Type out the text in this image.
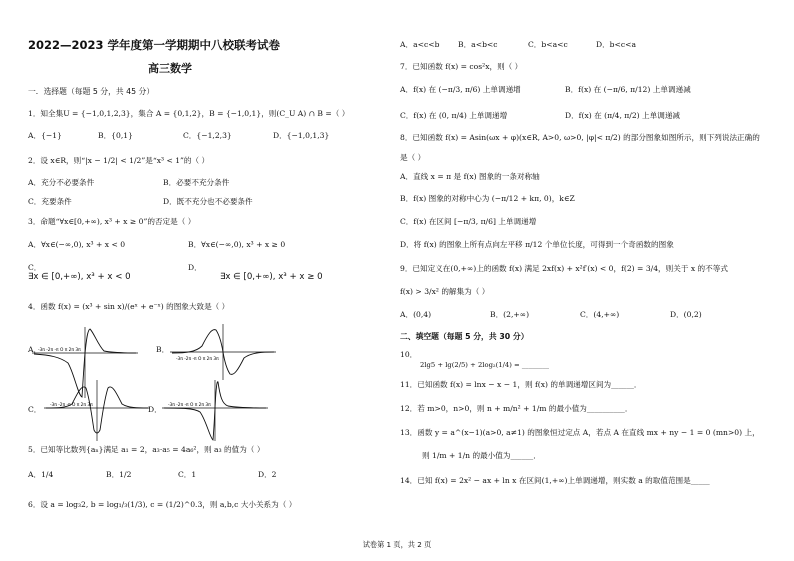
2022—2023 学年度第一学期期中八校联考试卷
高三数学
一．选择题（每题 5 分，共 45 分）
1．知全集U = {−1,0,1,2,3}，集合 A = {0,1,2}，B = {−1,0,1}，则(C_U A) ∩ B =（ ）
A．{−1}	B．{0,1}	C．{−1,2,3}	D．{−1,0,1,3}
2．设 x∈R，则“|x − 1/2| < 1/2”是“x³ < 1”的（ ）
A．充分不必要条件	B．必要不充分条件
C．充要条件	D．既不充分也不必要条件
3．命题“∀x∈[0,+∞), x³ + x ≥ 0”的否定是（ ）
A．∀x∈(−∞,0), x³ + x < 0	B．∀x∈(−∞,0), x³ + x ≥ 0
C．
∃x ∈ [0,+∞), x³ + x < 0
D．
∃x ∈ [0,+∞), x³ + x ≥ 0
4．函数 f(x) = (x³ + sin x)/(eˣ + e⁻ˣ) 的图象大致是（ ）
A．
-3π -2π -π O π 2π 3π	B．
-3π -2π -π O π 2π 3π
C． -3π -2π -π O π 2π 3π	D． -3π -2π -π O π 2π 3π
5．已知等比数列{aₙ}满足 a₁ = 2，a₃·a₅ = 4a₆²，则 a₃ 的值为（ ）
A．1/4	B．1/2	C．1	D．2
6．设 a = log₃2, b = log₁/₃(1/3), c = (1/2)^0.3，则 a,b,c 大小关系为（ ）
A．a<c<b B．a<b<c	C．b<a<c	D．b<c<a
7．已知函数 f(x) = cos²x，则（ ）
A．f(x) 在 (−π/3, π/6) 上单调递增	B．f(x) 在 (−π/6, π/12) 上单调递减
C．f(x) 在 (0, π/4) 上单调递增	D．f(x) 在 (π/4, π/2) 上单调递减
8．已知函数 f(x) = Asin(ωx + φ)(x∈R, A>0, ω>0, |φ|< π/2) 的部分图象如图所示，则下列说法正确的
是（ ）
A．直线 x = π 是 f(x) 图象的一条对称轴
B．f(x) 图象的对称中心为 (−π/12 + kπ, 0)，k∈Z
C．f(x) 在区间 [−π/3, π/6] 上单调递增
D．将 f(x) 的图象上所有点向左平移 π/12 个单位长度，可得到一个奇函数的图象
9．已知定义在(0,+∞)上的函数 f(x) 满足 2xf(x) + x²f′(x) < 0，f(2) = 3/4，则关于 x 的不等式
f(x) > 3/x² 的解集为（ ）
A．(0,4)	B．(2,+∞)	C．(4,+∞)	D．(0,2)
二、填空题（每题 5 分，共 30 分）
10．
2lg5 + lg(2/5) + 2log₂(1/4) = ________
11．已知函数 f(x) = lnx − x − 1，则 f(x) 的单调递增区间为______．
12．若 m>0，n>0，则 n + m/n² + 1/m 的最小值为__________．
13．函数 y = a^(x−1)(a>0, a≠1) 的图象恒过定点 A，若点 A 在直线 mx + ny − 1 = 0 (mn>0) 上，
则 1/m + 1/n 的最小值为______．
14．已知 f(x) = 2x² − ax + ln x 在区间(1,+∞)上单调递增，则实数 a 的取值范围是_____
试卷第 1 页，共 2 页
